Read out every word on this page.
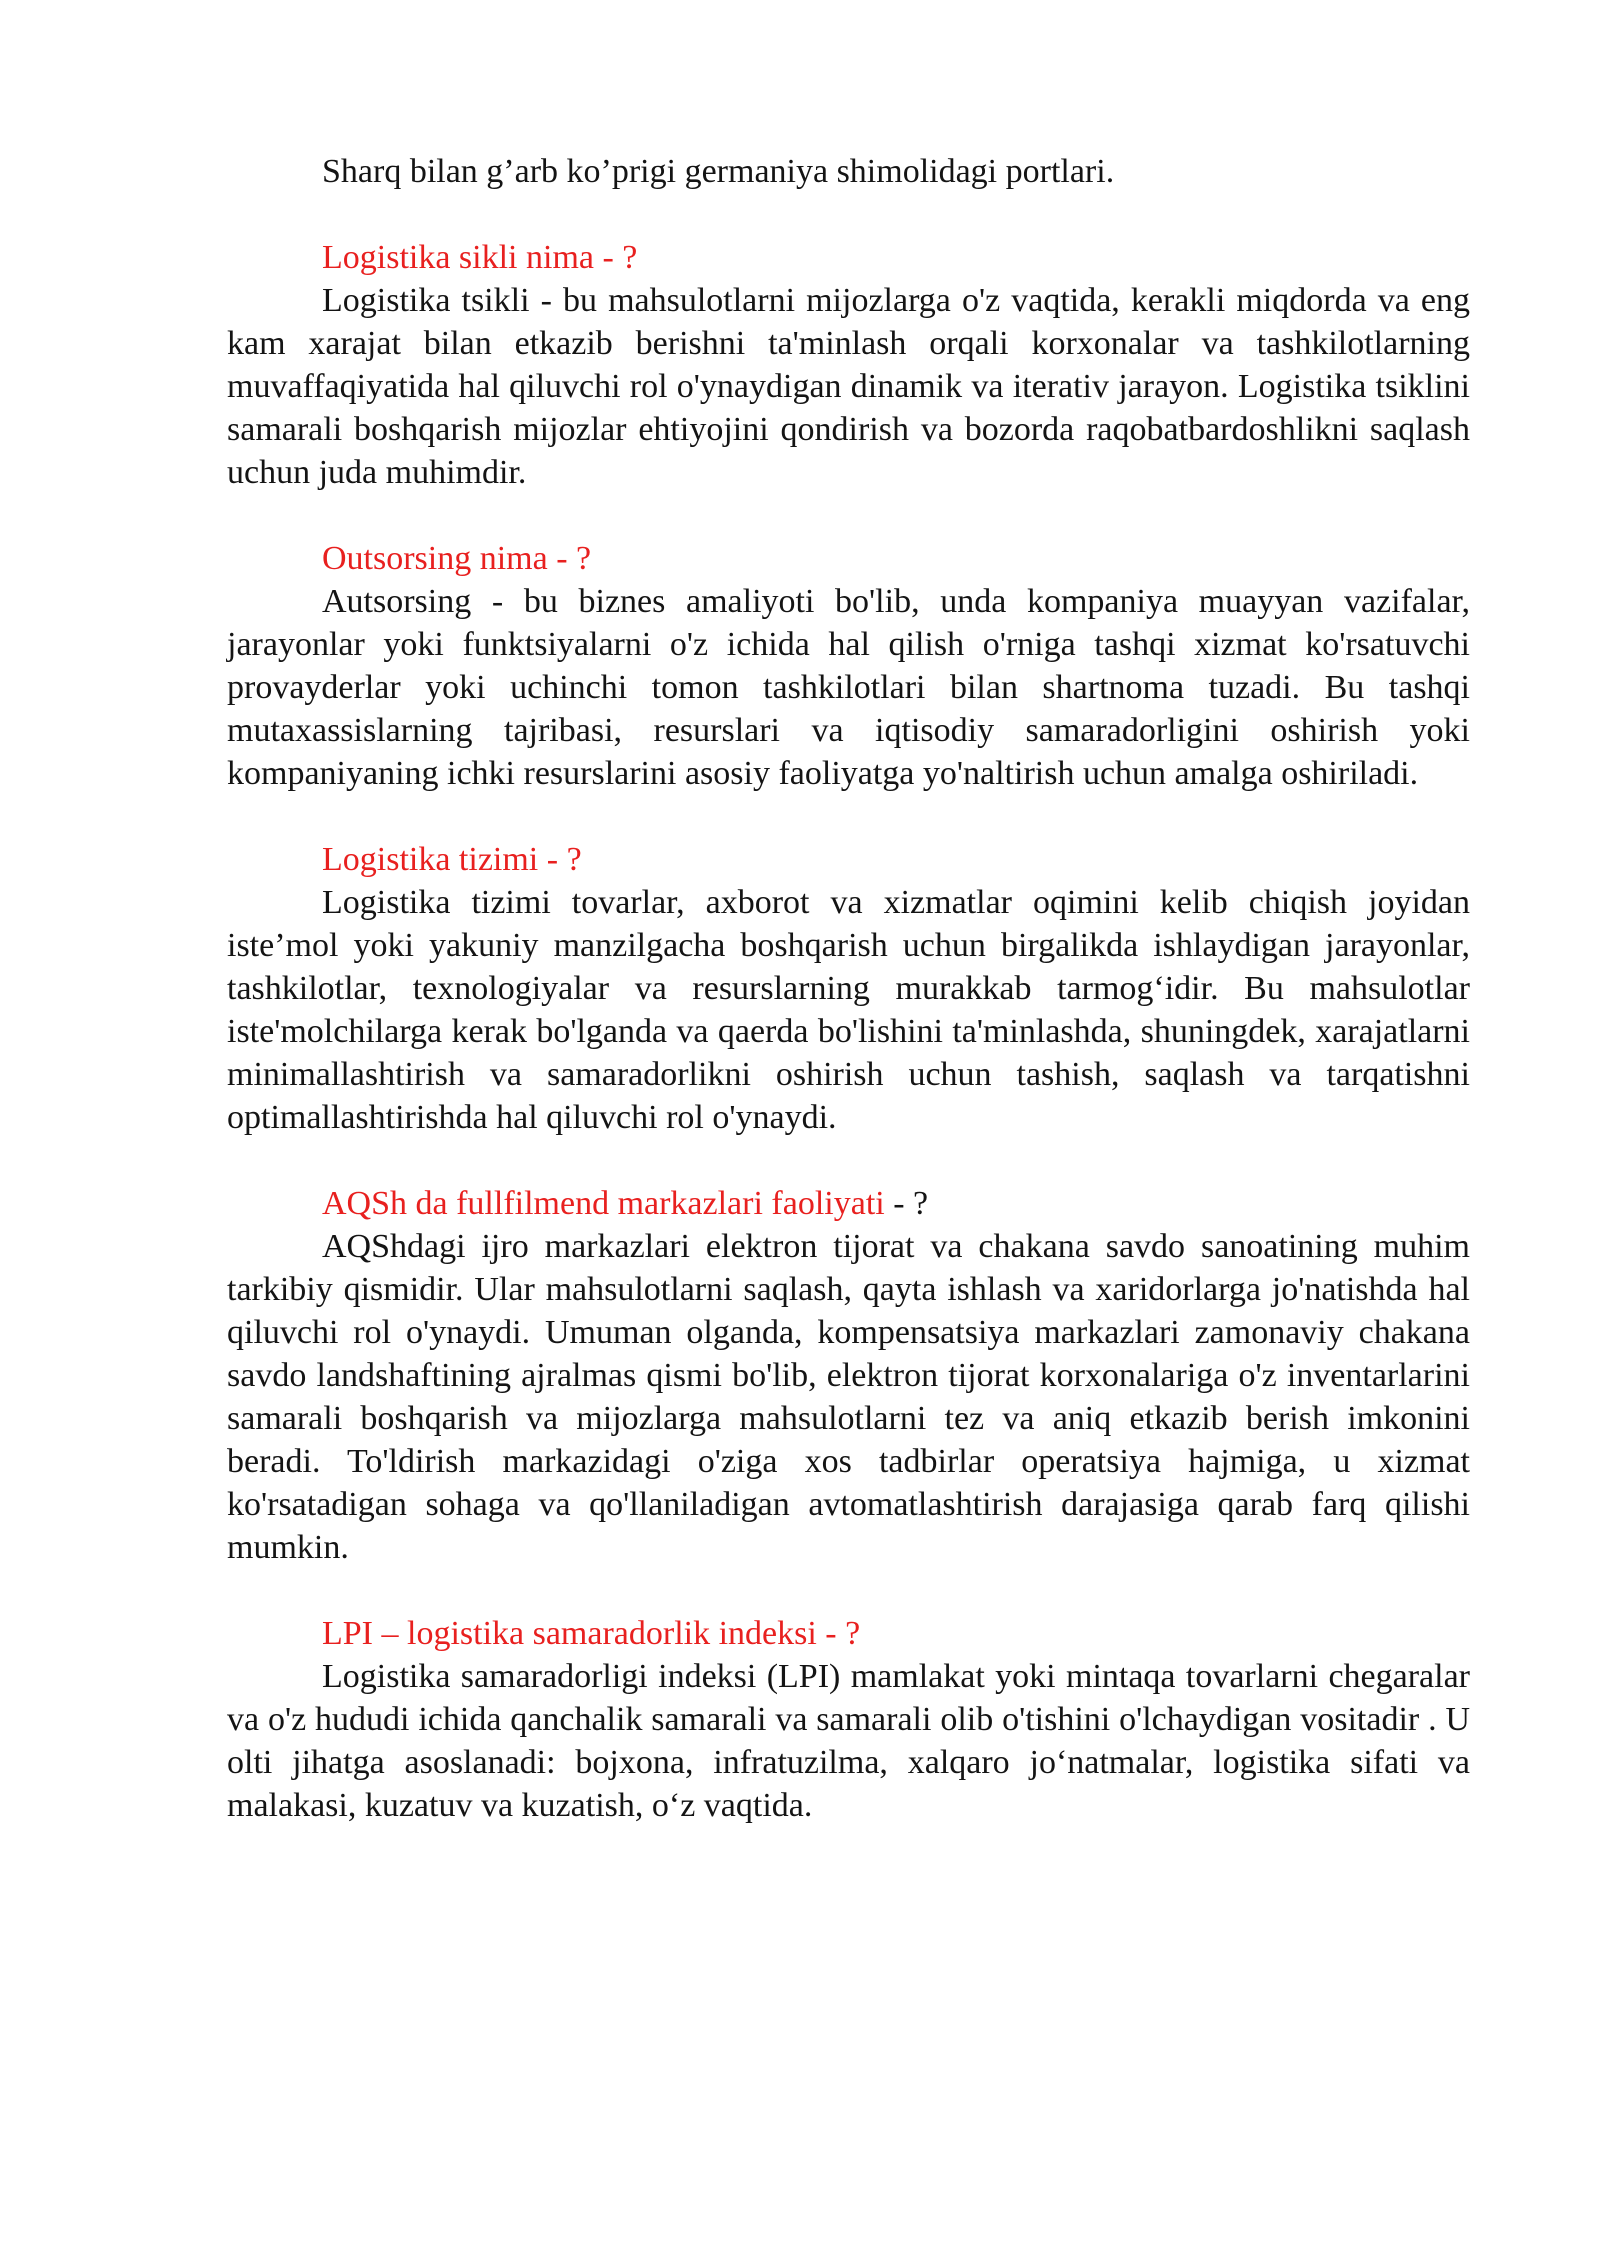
Sharq bilan g’arb ko’prigi germaniya shimolidagi portlari.

Logistika sikli nima - ?

Logistika tsikli - bu mahsulotlarni mijozlarga o'z vaqtida, kerakli miqdorda va eng kam xarajat bilan etkazib berishni ta'minlash orqali korxonalar va tashkilotlarning muvaffaqiyatida hal qiluvchi rol o'ynaydigan dinamik va iterativ jarayon. Logistika tsiklini samarali boshqarish mijozlar ehtiyojini qondirish va bozorda raqobatbardoshlikni saqlash uchun juda muhimdir.

Outsorsing nima - ?

Autsorsing - bu biznes amaliyoti bo'lib, unda kompaniya muayyan vazifalar, jarayonlar yoki funktsiyalarni o'z ichida hal qilish o'rniga tashqi xizmat ko'rsatuvchi provayderlar yoki uchinchi tomon tashkilotlari bilan shartnoma tuzadi. Bu tashqi mutaxassislarning tajribasi, resurslari va iqtisodiy samaradorligini oshirish yoki kompaniyaning ichki resurslarini asosiy faoliyatga yo'naltirish uchun amalga oshiriladi.

Logistika tizimi - ?

Logistika tizimi tovarlar, axborot va xizmatlar oqimini kelib chiqish joyidan iste’mol yoki yakuniy manzilgacha boshqarish uchun birgalikda ishlaydigan jarayonlar, tashkilotlar, texnologiyalar va resurslarning murakkab tarmog‘idir. Bu mahsulotlar iste'molchilarga kerak bo'lganda va qaerda bo'lishini ta'minlashda, shuningdek, xarajatlarni minimallashtirish va samaradorlikni oshirish uchun tashish, saqlash va tarqatishni optimallashtirishda hal qiluvchi rol o'ynaydi.

AQSh da fullfilmend markazlari faoliyati - ?

AQShdagi ijro markazlari elektron tijorat va chakana savdo sanoatining muhim tarkibiy qismidir. Ular mahsulotlarni saqlash, qayta ishlash va xaridorlarga jo'natishda hal qiluvchi rol o'ynaydi. Umuman olganda, kompensatsiya markazlari zamonaviy chakana savdo landshaftining ajralmas qismi bo'lib, elektron tijorat korxonalariga o'z inventarlarini samarali boshqarish va mijozlarga mahsulotlarni tez va aniq etkazib berish imkonini beradi. To'ldirish markazidagi o'ziga xos tadbirlar operatsiya hajmiga, u xizmat ko'rsatadigan sohaga va qo'llaniladigan avtomatlashtirish darajasiga qarab farq qilishi mumkin.

LPI – logistika samaradorlik indeksi - ?

Logistika samaradorligi indeksi (LPI) mamlakat yoki mintaqa tovarlarni chegaralar va o'z hududi ichida qanchalik samarali va samarali olib o'tishini o'lchaydigan vositadir . U olti jihatga asoslanadi: bojxona, infratuzilma, xalqaro jo‘natmalar, logistika sifati va malakasi, kuzatuv va kuzatish, o‘z vaqtida.
